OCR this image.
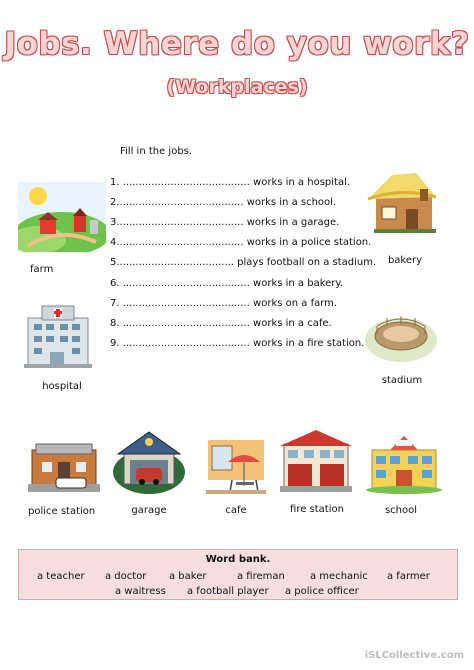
Jobs. Where do you work?
(Workplaces)
Fill in the jobs.
1. ........................................ works in a hospital.
2........................................ works in a school.
3........................................ works in a garage.
4........................................ works in a police station.
5..................................... plays football on a stadium.
6. ........................................ works in a bakery.
7. ........................................ works on a farm.
8. ........................................ works in a cafe.
9. ........................................ works in a fire station.
farm
bakery
hospital
stadium
police station	garage	cafe	fire station	school
Word bank.
a teacher a doctor a baker	a fireman	a mechanic a farmer
a waitress a football player a police officer
iSLCollective.com
